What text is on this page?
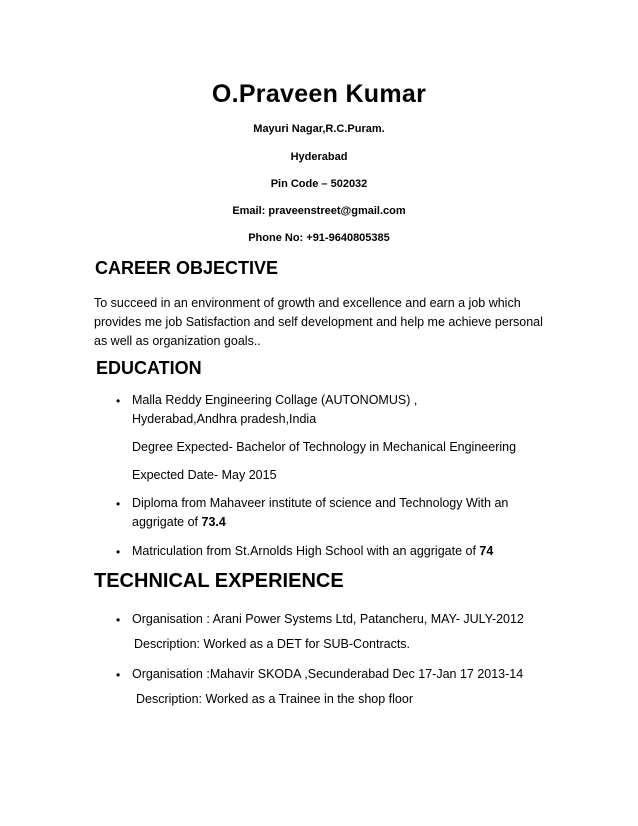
O.Praveen Kumar
Mayuri Nagar,R.C.Puram.
Hyderabad
Pin Code – 502032
Email: praveenstreet@gmail.com
Phone No: +91-9640805385
CAREER OBJECTIVE
To succeed in an environment of growth and excellence and earn a job which provides me job Satisfaction and self development and help me achieve personal as well as organization goals..
EDUCATION
• Malla Reddy Engineering Collage (AUTONOMUS) , Hyderabad,Andhra pradesh,India
Degree Expected- Bachelor of Technology in Mechanical Engineering
Expected Date- May 2015
• Diploma from Mahaveer institute of science and Technology With an aggrigate of 73.4
• Matriculation from St.Arnolds High School with an aggrigate of 74
TECHNICAL EXPERIENCE
• Organisation : Arani Power Systems Ltd, Patancheru, MAY- JULY-2012
Description: Worked as a DET for SUB-Contracts.
• Organisation :Mahavir SKODA ,Secunderabad Dec 17-Jan 17 2013-14
Description: Worked as a Trainee in the shop floor
